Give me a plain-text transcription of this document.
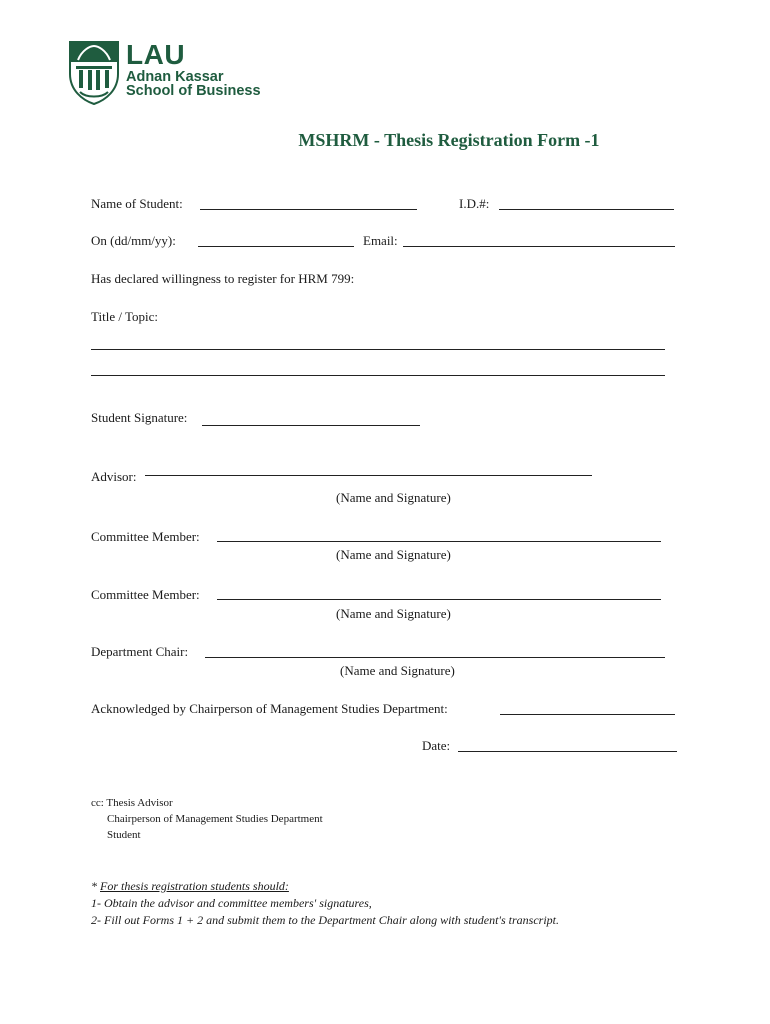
LAU
Adnan Kassar
School of Business
MSHRM - Thesis Registration Form -1
Name of Student:	I.D.#:
On (dd/mm/yy):	Email:
Has declared willingness to register for HRM 799:
Title / Topic:
Student Signature:
Advisor:
(Name and Signature)
Committee Member:
(Name and Signature)
Committee Member:
(Name and Signature)
Department Chair:
(Name and Signature)
Acknowledged by Chairperson of Management Studies Department:
Date:
cc: Thesis Advisor
Chairperson of Management Studies Department
Student
* For thesis registration students should:
1- Obtain the advisor and committee members' signatures,
2- Fill out Forms 1 + 2 and submit them to the Department Chair along with student's transcript.
